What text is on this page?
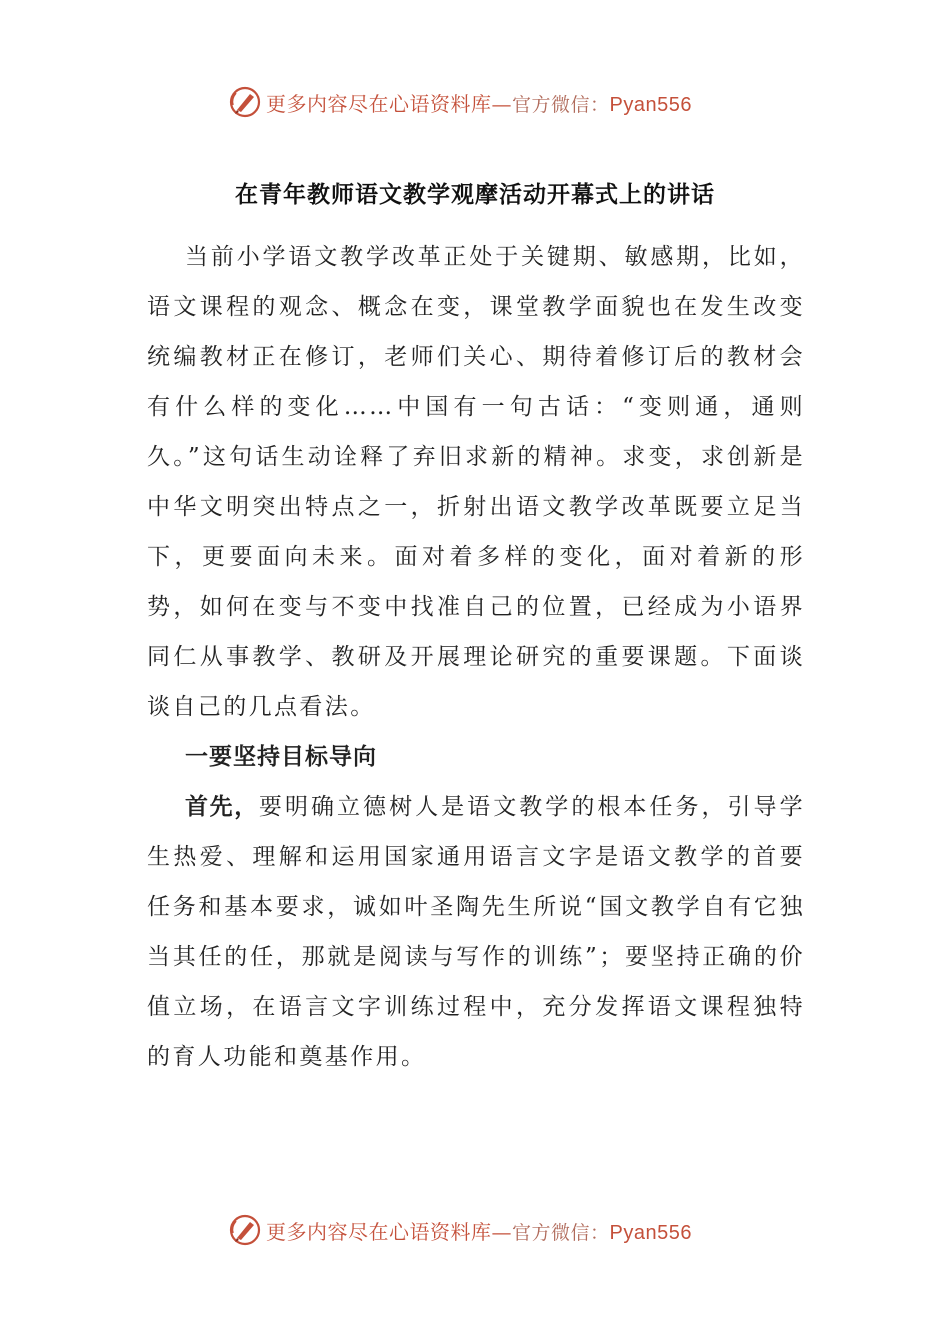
更多内容尽在心语资料库—官方微信：Pyan556
在青年教师语文教学观摩活动开幕式上的讲话

当前小学语文教学改革正处于关键期、敏感期，比如，语文课程的观念、概念在变，课堂教学面貌也在发生改变统编教材正在修订，老师们关心、期待着修订后的教材会有什么样的变化……中国有一句古话：“变则通，通则久。”这句话生动诠释了弃旧求新的精神。求变，求创新是中华文明突出特点之一，折射出语文教学改革既要立足当下，更要面向未来。面对着多样的变化，面对着新的形势，如何在变与不变中找准自己的位置，已经成为小语界同仁从事教学、教研及开展理论研究的重要课题。下面谈谈自己的几点看法。

一要坚持目标导向

首先，要明确立德树人是语文教学的根本任务，引导学生热爱、理解和运用国家通用语言文字是语文教学的首要任务和基本要求，诚如叶圣陶先生所说“国文教学自有它独当其任的任，那就是阅读与写作的训练”；要坚持正确的价值立场，在语言文字训练过程中，充分发挥语文课程独特的育人功能和奠基作用。

更多内容尽在心语资料库—官方微信：Pyan556
